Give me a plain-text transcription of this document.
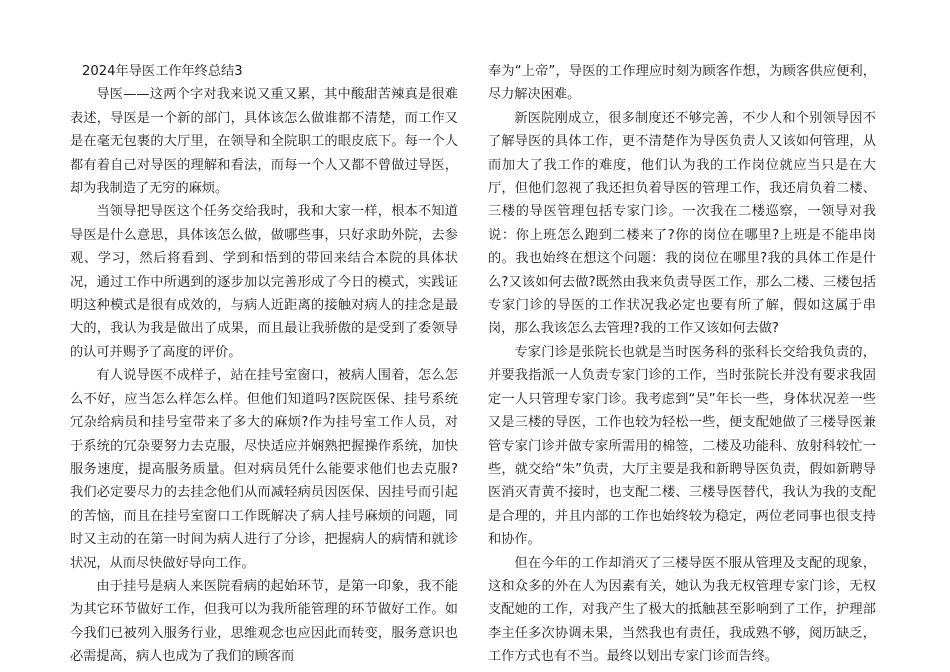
2024年导医工作年终总结3

导医——这两个字对我来说又重又累，其中酸甜苦辣真是很难表述，导医是一个新的部门，具体该怎么做谁都不清楚，而工作又是在毫无包裹的大厅里，在领导和全院职工的眼皮底下。每一个人都有着自己对导医的理解和看法，而每一个人又都不曾做过导医，却为我制造了无穷的麻烦。

当领导把导医这个任务交给我时，我和大家一样，根本不知道导医是什么意思，具体该怎么做，做哪些事，只好求助外院，去参观、学习，然后将看到、学到和悟到的带回来结合本院的具体状况，通过工作中所遇到的逐步加以完善形成了今日的模式，实践证明这种模式是很有成效的，与病人近距离的接触对病人的挂念是最大的，我认为我是做出了成果，而且最让我骄傲的是受到了委领导的认可并赐予了高度的评价。

有人说导医不成样子，站在挂号室窗口，被病人围着，怎么怎么不好，应当怎么样怎么样。但他们知道吗?医院医保、挂号系统冗杂给病员和挂号室带来了多大的麻烦?作为挂号室工作人员，对于系统的冗杂要努力去克服，尽快适应并娴熟把握操作系统，加快服务速度，提高服务质量。但对病员凭什么能要求他们也去克服?我们必定要尽力的去挂念他们从而减轻病员因医保、因挂号而引起的苦恼，而且在挂号室窗口工作既解决了病人挂号麻烦的问题，同时又主动的在第一时间为病人进行了分诊，把握病人的病情和就诊状况，从而尽快做好导向工作。

由于挂号是病人来医院看病的起始环节，是第一印象，我不能为其它环节做好工作，但我可以为我所能管理的环节做好工作。如今我们已被列入服务行业，思维观念也应因此而转变，服务意识也必需提高，病人也成为了我们的顾客而

奉为“上帝”，导医的工作理应时刻为顾客作想，为顾客供应便利，尽力解决困难。

新医院刚成立，很多制度还不够完善，不少人和个别领导因不了解导医的具体工作，更不清楚作为导医负责人又该如何管理，从而加大了我工作的难度，他们认为我的工作岗位就应当只是在大厅，但他们忽视了我还担负着导医的管理工作，我还肩负着二楼、三楼的导医管理包括专家门诊。一次我在二楼巡察，一领导对我说：你上班怎么跑到二楼来了?你的岗位在哪里?上班是不能串岗的。我也始终在想这个问题：我的岗位在哪里?我的具体工作是什么?又该如何去做?既然由我来负责导医工作，那么二楼、三楼包括专家门诊的导医的工作状况我必定也要有所了解，假如这属于串岗，那么我该怎么去管理?我的工作又该如何去做?

专家门诊是张院长也就是当时医务科的张科长交给我负责的，并要我指派一人负责专家门诊的工作，当时张院长并没有要求我固定一人只管理专家门诊。我考虑到“吴”年长一些，身体状况差一些又是三楼的导医，工作也较为轻松一些，便支配她做了三楼导医兼管专家门诊并做专家所需用的棉签，二楼及功能科、放射科较忙一些，就交给“朱”负责，大厅主要是我和新聘导医负责，假如新聘导医消灭青黄不接时，也支配二楼、三楼导医替代，我认为我的支配是合理的，并且内部的工作也始终较为稳定，两位老同事也很支持和协作。

但在今年的工作却消灭了三楼导医不服从管理及支配的现象，这和众多的外在人为因素有关，她认为我无权管理专家门诊，无权支配她的工作，对我产生了极大的抵触甚至影响到了工作，护理部李主任多次协调未果，当然我也有责任，我成熟不够，阅历缺乏，工作方式也有不当。最终以划出专家门诊而告终。
